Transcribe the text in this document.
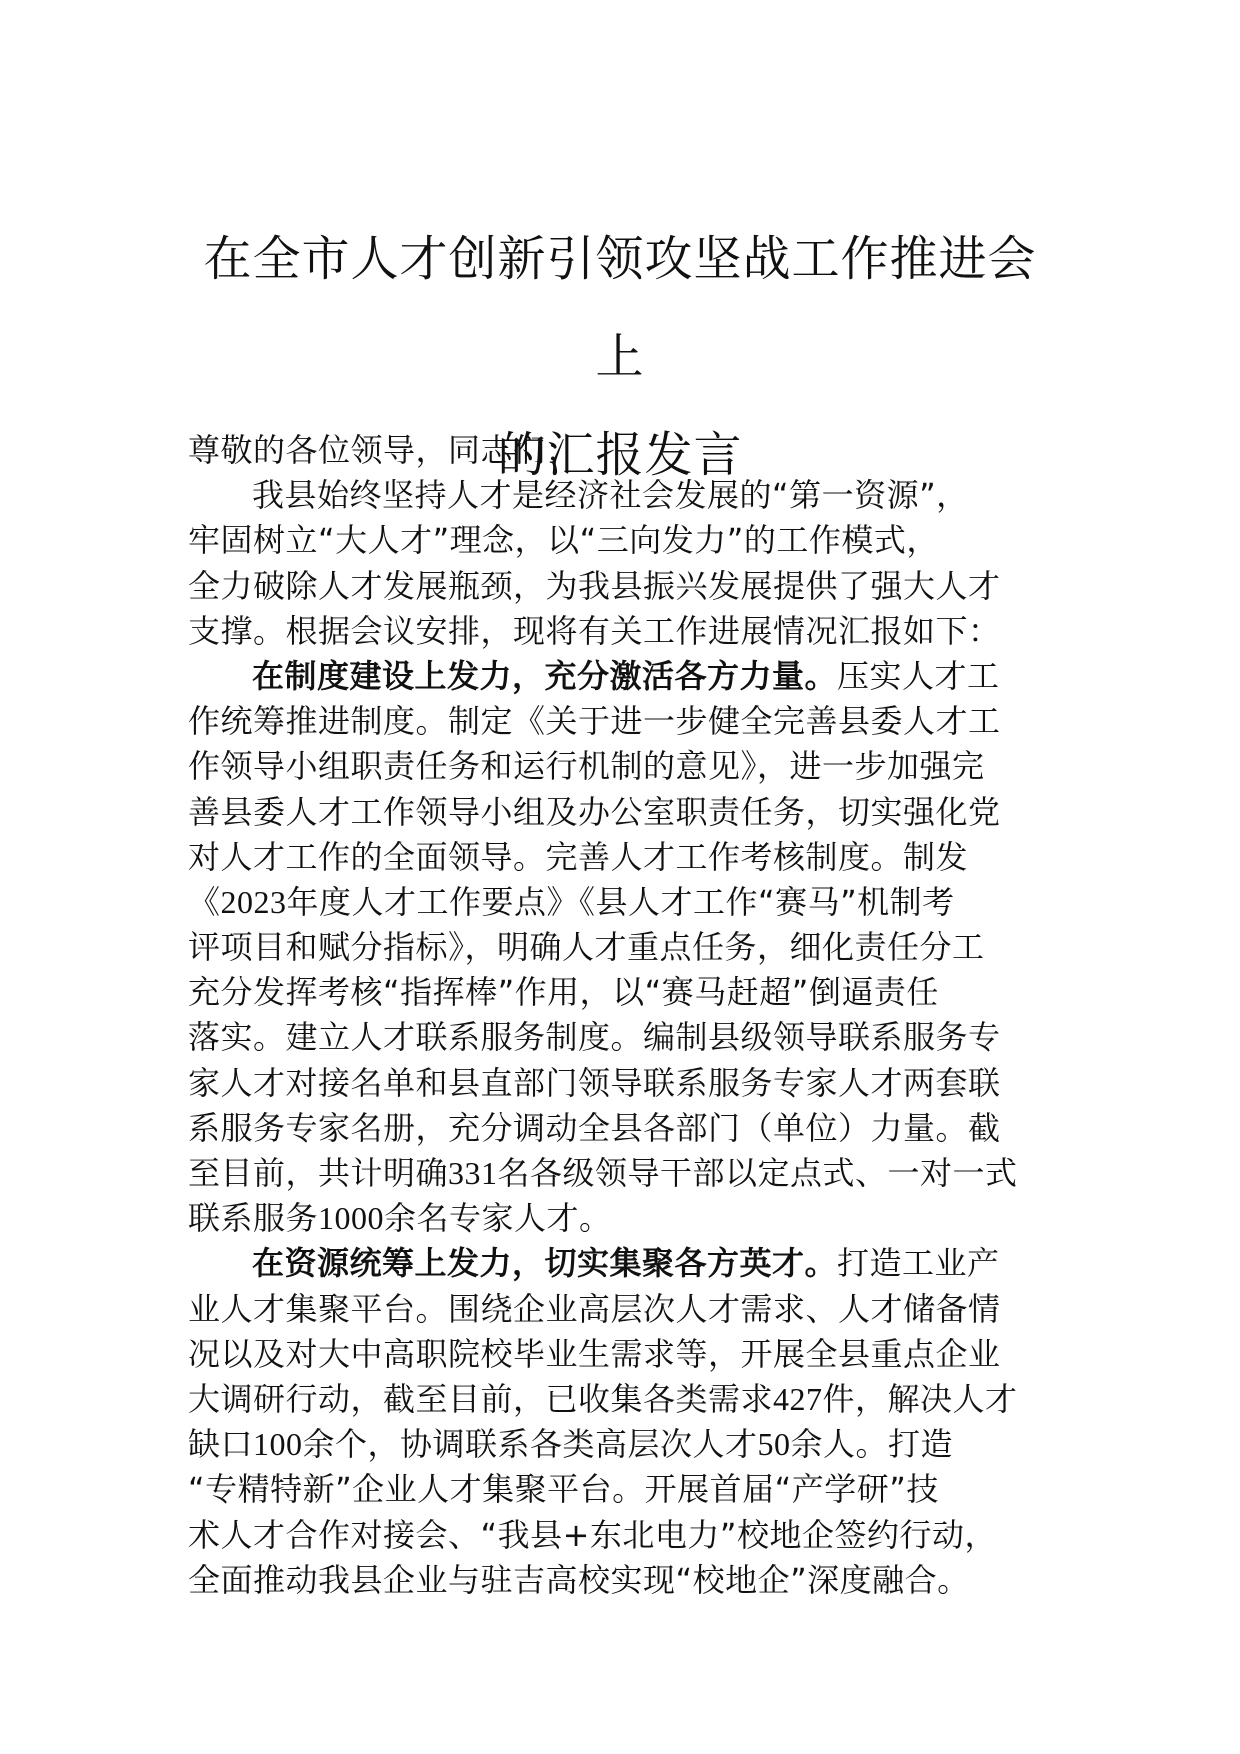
在全市人才创新引领攻坚战工作推进会上
的汇报发言
尊敬的各位领导，同志们：
我县始终坚持人才是经济社会发展的“第一资源”，
牢固树立“大人才”理念，以“三向发力”的工作模式，
全力破除人才发展瓶颈，为我县振兴发展提供了强大人才
支撑。根据会议安排，现将有关工作进展情况汇报如下：
在制度建设上发力，充分激活各方力量。压实人才工
作统筹推进制度。制定《关于进一步健全完善县委人才工
作领导小组职责任务和运行机制的意见》，进一步加强完
善县委人才工作领导小组及办公室职责任务，切实强化党
对人才工作的全面领导。完善人才工作考核制度。制发
《2023年度人才工作要点》《县人才工作“赛马”机制考
评项目和赋分指标》，明确人才重点任务，细化责任分工
充分发挥考核“指挥棒”作用，以“赛马赶超”倒逼责任
落实。建立人才联系服务制度。编制县级领导联系服务专
家人才对接名单和县直部门领导联系服务专家人才两套联
系服务专家名册，充分调动全县各部门（单位）力量。截
至目前，共计明确331名各级领导干部以定点式、一对一式
联系服务1000余名专家人才。
在资源统筹上发力，切实集聚各方英才。打造工业产
业人才集聚平台。围绕企业高层次人才需求、人才储备情
况以及对大中高职院校毕业生需求等，开展全县重点企业
大调研行动，截至目前，已收集各类需求427件，解决人才
缺口100余个，协调联系各类高层次人才50余人。打造
“专精特新”企业人才集聚平台。开展首届“产学研”技
术人才合作对接会、“我县+东北电力”校地企签约行动，
全面推动我县企业与驻吉高校实现“校地企”深度融合。
